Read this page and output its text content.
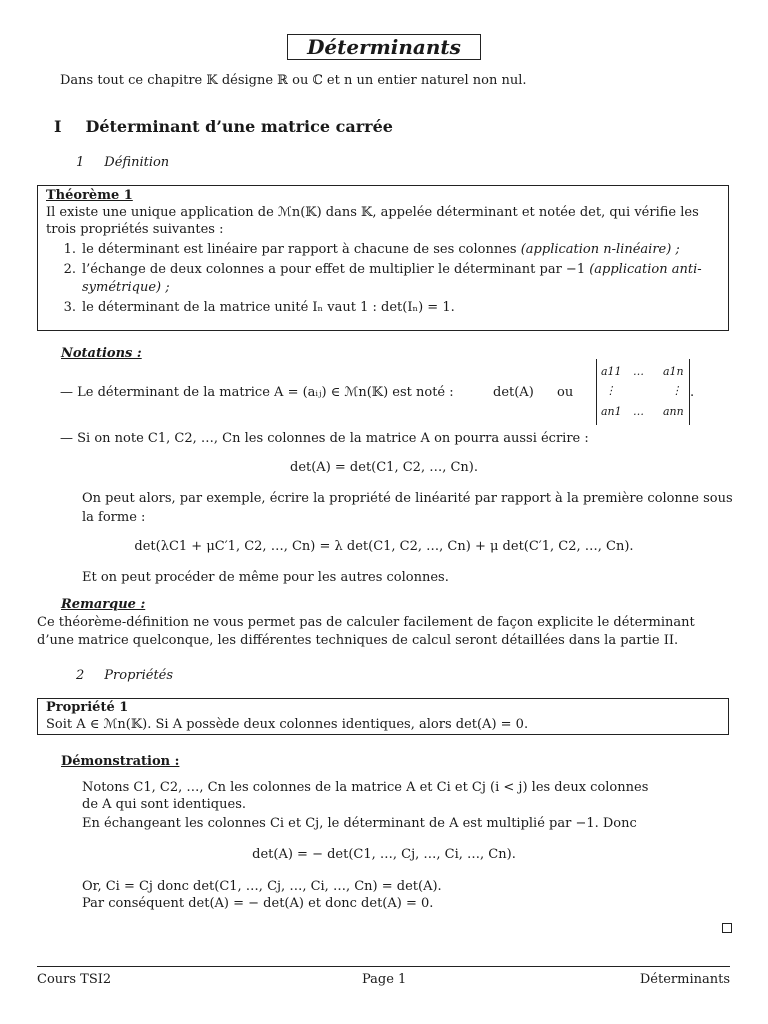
Déterminants
Dans tout ce chapitre 𝕂 désigne ℝ ou ℂ et n un entier naturel non nul.
I Déterminant d’une matrice carrée
1 Définition
Théorème 1
Il existe une unique application de ℳn(𝕂) dans 𝕂, appelée déterminant et notée det, qui vérifie les
trois propriétés suivantes :
1. le déterminant est linéaire par rapport à chacune de ses colonnes (application n-linéaire) ;
2. l’échange de deux colonnes a pour effet de multiplier le déterminant par −1 (application anti-symétrique) ;
3. le déterminant de la matrice unité Iₙ vaut 1 : det(Iₙ) = 1.
Notations :
— Le déterminant de la matrice A = (aᵢⱼ) ∈ ℳn(𝕂) est noté :	det(A) ou
a11 … a1n
⋮	⋮
an1 … ann
.
— Si on note C1, C2, …, Cn les colonnes de la matrice A on pourra aussi écrire :
det(A) = det(C1, C2, …, Cn).
On peut alors, par exemple, écrire la propriété de linéarité par rapport à la première colonne sous
la forme :
det(λC1 + μC′1, C2, …, Cn) = λ det(C1, C2, …, Cn) + μ det(C′1, C2, …, Cn).
Et on peut procéder de même pour les autres colonnes.
Remarque :
Ce théorème-définition ne vous permet pas de calculer facilement de façon explicite le déterminant
d’une matrice quelconque, les différentes techniques de calcul seront détaillées dans la partie II.
2 Propriétés
Propriété 1
Soit A ∈ ℳn(𝕂). Si A possède deux colonnes identiques, alors det(A) = 0.
Démonstration :
Notons C1, C2, …, Cn les colonnes de la matrice A et Ci et Cj (i < j) les deux colonnes
de A qui sont identiques.
En échangeant les colonnes Ci et Cj, le déterminant de A est multiplié par −1. Donc
det(A) = − det(C1, …, Cj, …, Ci, …, Cn).
Or, Ci = Cj donc det(C1, …, Cj, …, Ci, …, Cn) = det(A).
Par conséquent det(A) = − det(A) et donc det(A) = 0.
Cours TSI2	Page 1	Déterminants
